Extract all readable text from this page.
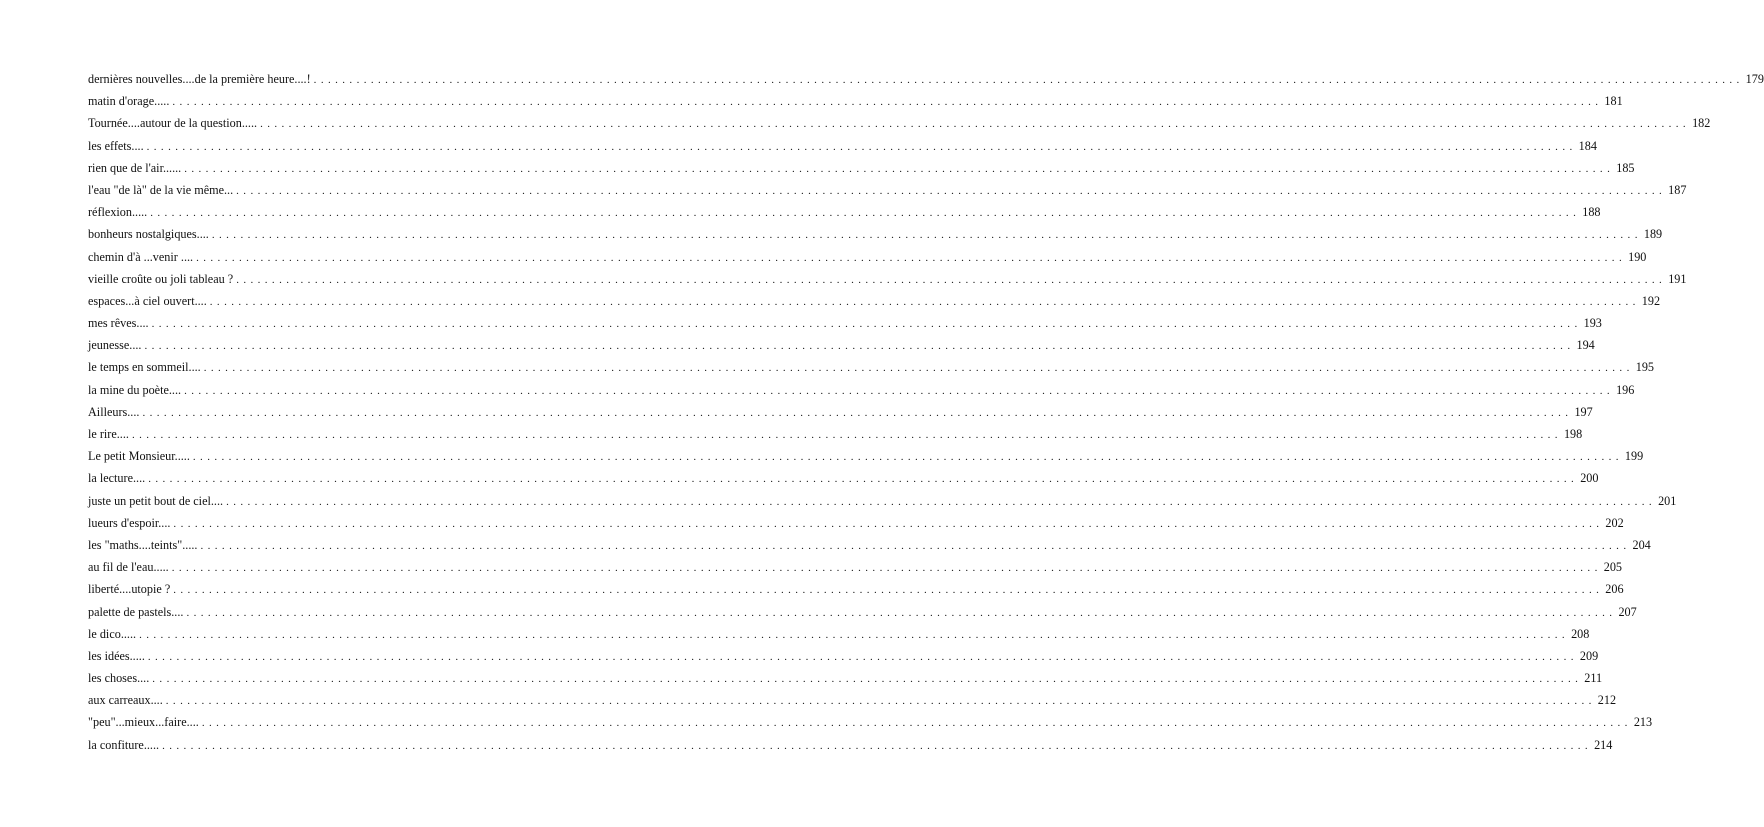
dernières nouvelles....de la première heure....! ........................................................................................................................................................................................................ 179
matin d'orage..... ........................................................................................................................................................................................................ 181
Tournée....autour de la question..... ........................................................................................................................................................................................................ 182
les effets.... ........................................................................................................................................................................................................ 184
rien que de l'air...... ........................................................................................................................................................................................................ 185
l'eau "de là" de la vie même... ........................................................................................................................................................................................................ 187
réflexion..... ........................................................................................................................................................................................................ 188
bonheurs nostalgiques.... ........................................................................................................................................................................................................ 189
chemin d'à ...venir .... ........................................................................................................................................................................................................ 190
vieille croûte ou joli tableau ? ........................................................................................................................................................................................................ 191
espaces...à ciel ouvert.... ........................................................................................................................................................................................................ 192
mes rêves.... ........................................................................................................................................................................................................ 193
jeunesse.... ........................................................................................................................................................................................................ 194
le temps en sommeil.... ........................................................................................................................................................................................................ 195
la mine du poète.... ........................................................................................................................................................................................................ 196
Ailleurs.... ........................................................................................................................................................................................................ 197
le rire.... ........................................................................................................................................................................................................ 198
Le petit Monsieur..... ........................................................................................................................................................................................................ 199
la lecture.... ........................................................................................................................................................................................................ 200
juste un petit bout de ciel.... ........................................................................................................................................................................................................ 201
lueurs d'espoir.... ........................................................................................................................................................................................................ 202
les "maths....teints"..... ........................................................................................................................................................................................................ 204
au fil de l'eau..... ........................................................................................................................................................................................................ 205
liberté....utopie ? ........................................................................................................................................................................................................ 206
palette de pastels.... ........................................................................................................................................................................................................ 207
le dico..... ........................................................................................................................................................................................................ 208
les idées..... ........................................................................................................................................................................................................ 209
les choses.... ........................................................................................................................................................................................................ 211
aux carreaux.... ........................................................................................................................................................................................................ 212
"peu"...mieux...faire.... ........................................................................................................................................................................................................ 213
la confiture..... ........................................................................................................................................................................................................ 214
